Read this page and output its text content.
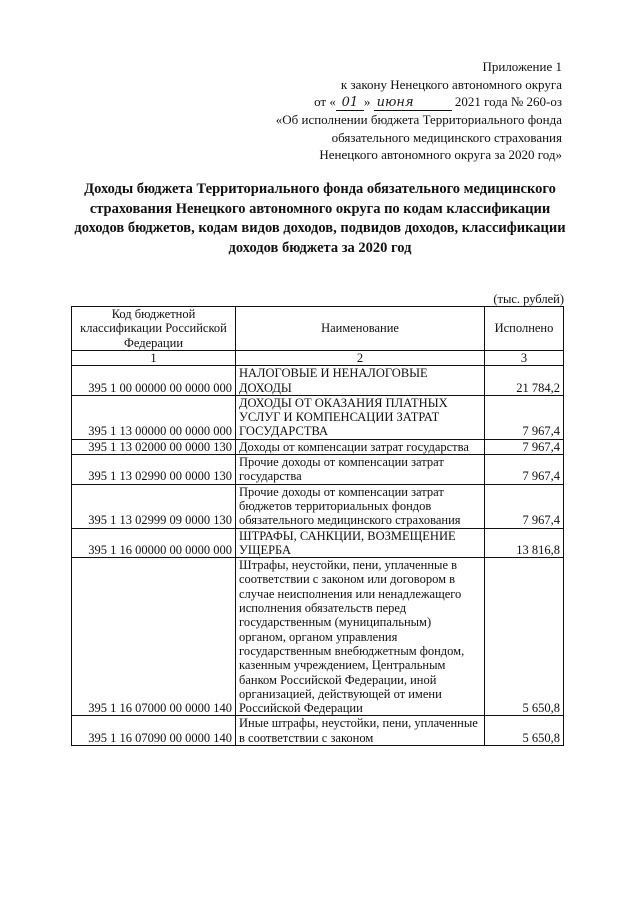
Приложение 1
к закону Ненецкого автономного округа
от « 01 » июня	2021 года № 260-оз
«Об исполнении бюджета Территориального фонда
обязательного медицинского страхования
Ненецкого автономного округа за 2020 год»
Доходы бюджета Территориального фонда обязательного медицинского страхования Ненецкого автономного округа по кодам классификации доходов бюджетов, кодам видов доходов, подвидов доходов, классификации доходов бюджета за 2020 год
(тыс. рублей)
Код бюджетной классификации Российской Федерации	Наименование	Исполнено
1	2	3
395 1 00 00000 00 0000 000	НАЛОГОВЫЕ И НЕНАЛОГОВЫЕ ДОХОДЫ	21 784,2
395 1 13 00000 00 0000 000	ДОХОДЫ ОТ ОКАЗАНИЯ ПЛАТНЫХ УСЛУГ И КОМПЕНСАЦИИ ЗАТРАТ ГОСУДАРСТВА	7 967,4
395 1 13 02000 00 0000 130	Доходы от компенсации затрат государства	7 967,4
395 1 13 02990 00 0000 130	Прочие доходы от компенсации затрат государства	7 967,4
395 1 13 02999 09 0000 130	Прочие доходы от компенсации затрат бюджетов территориальных фондов обязательного медицинского страхования	7 967,4
395 1 16 00000 00 0000 000	ШТРАФЫ, САНКЦИИ, ВОЗМЕЩЕНИЕ УЩЕРБА	13 816,8
395 1 16 07000 00 0000 140	Штрафы, неустойки, пени, уплаченные в соответствии с законом или договором в случае неисполнения или ненадлежащего исполнения обязательств перед государственным (муниципальным) органом, органом управления государственным внебюджетным фондом, казенным учреждением, Центральным банком Российской Федерации, иной организацией, действующей от имени Российской Федерации	5 650,8
395 1 16 07090 00 0000 140	Иные штрафы, неустойки, пени, уплаченные в соответствии с законом	5 650,8
